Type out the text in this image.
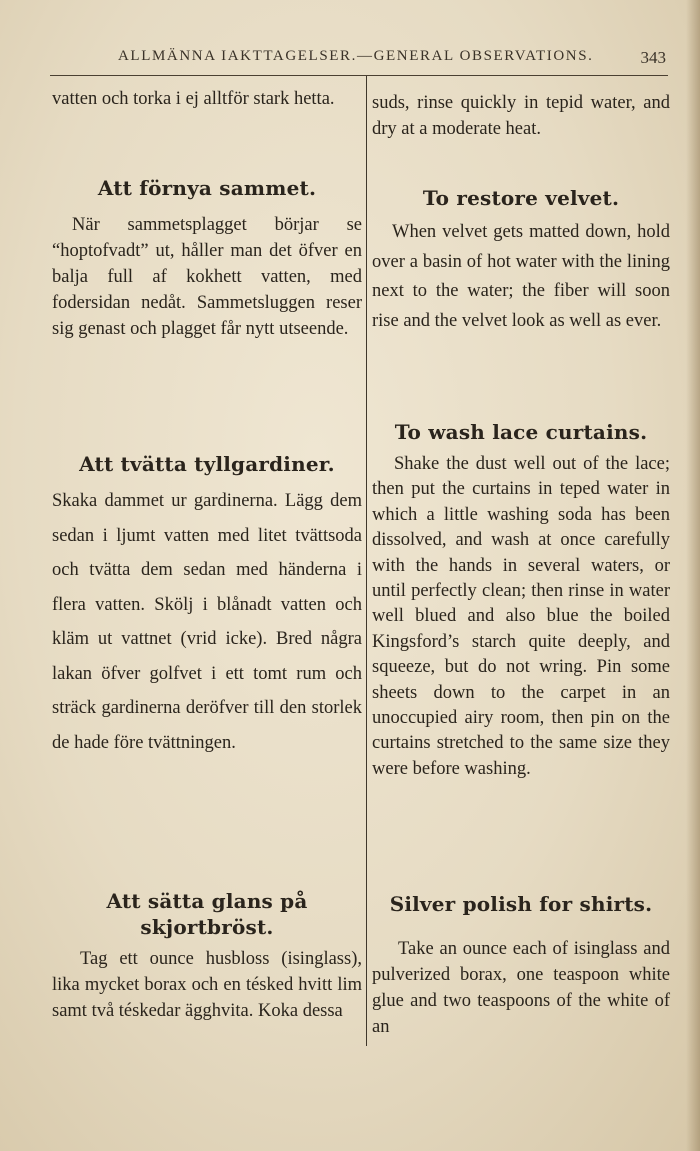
ALLMÄNNA IAKTTAGELSER.—GENERAL OBSERVATIONS.	343

vatten och torka i ej alltför stark hetta.

Att förnya sammet.

När sammetsplagget börjar se “hoptofvadt” ut, håller man det öfver en balja full af kokhett vatten, med fodersidan nedåt. Sammetsluggen reser sig genast och plagget får nytt utseende.

Att tvätta tyllgardiner.

Skaka dammet ur gardinerna. Lägg dem sedan i ljumt vatten med litet tvättsoda och tvätta dem sedan med händerna i flera vatten. Skölj i blånadt vatten och kläm ut vattnet (vrid icke). Bred några lakan öfver golfvet i ett tomt rum och sträck gardinerna deröfver till den storlek de hade före tvättningen.

Att sätta glans på skjortbröst.

Tag ett ounce husbloss (isinglass), lika mycket borax och en tésked hvitt lim samt två téskedar ägghvita. Koka dessa

suds, rinse quickly in tepid water, and dry at a moderate heat.

To restore velvet.

When velvet gets matted down, hold over a basin of hot water with the lining next to the water; the fiber will soon rise and the velvet look as well as ever.

To wash lace curtains.

Shake the dust well out of the lace; then put the curtains in teped water in which a little washing soda has been dissolved, and wash at once carefully with the hands in several waters, or until perfectly clean; then rinse in water well blued and also blue the boiled Kingsford’s starch quite deeply, and squeeze, but do not wring. Pin some sheets down to the carpet in an unoccupied airy room, then pin on the curtains stretched to the same size they were before washing.

Silver polish for shirts.

Take an ounce each of isinglass and pulverized borax, one teaspoon white glue and two teaspoons of the white of an
